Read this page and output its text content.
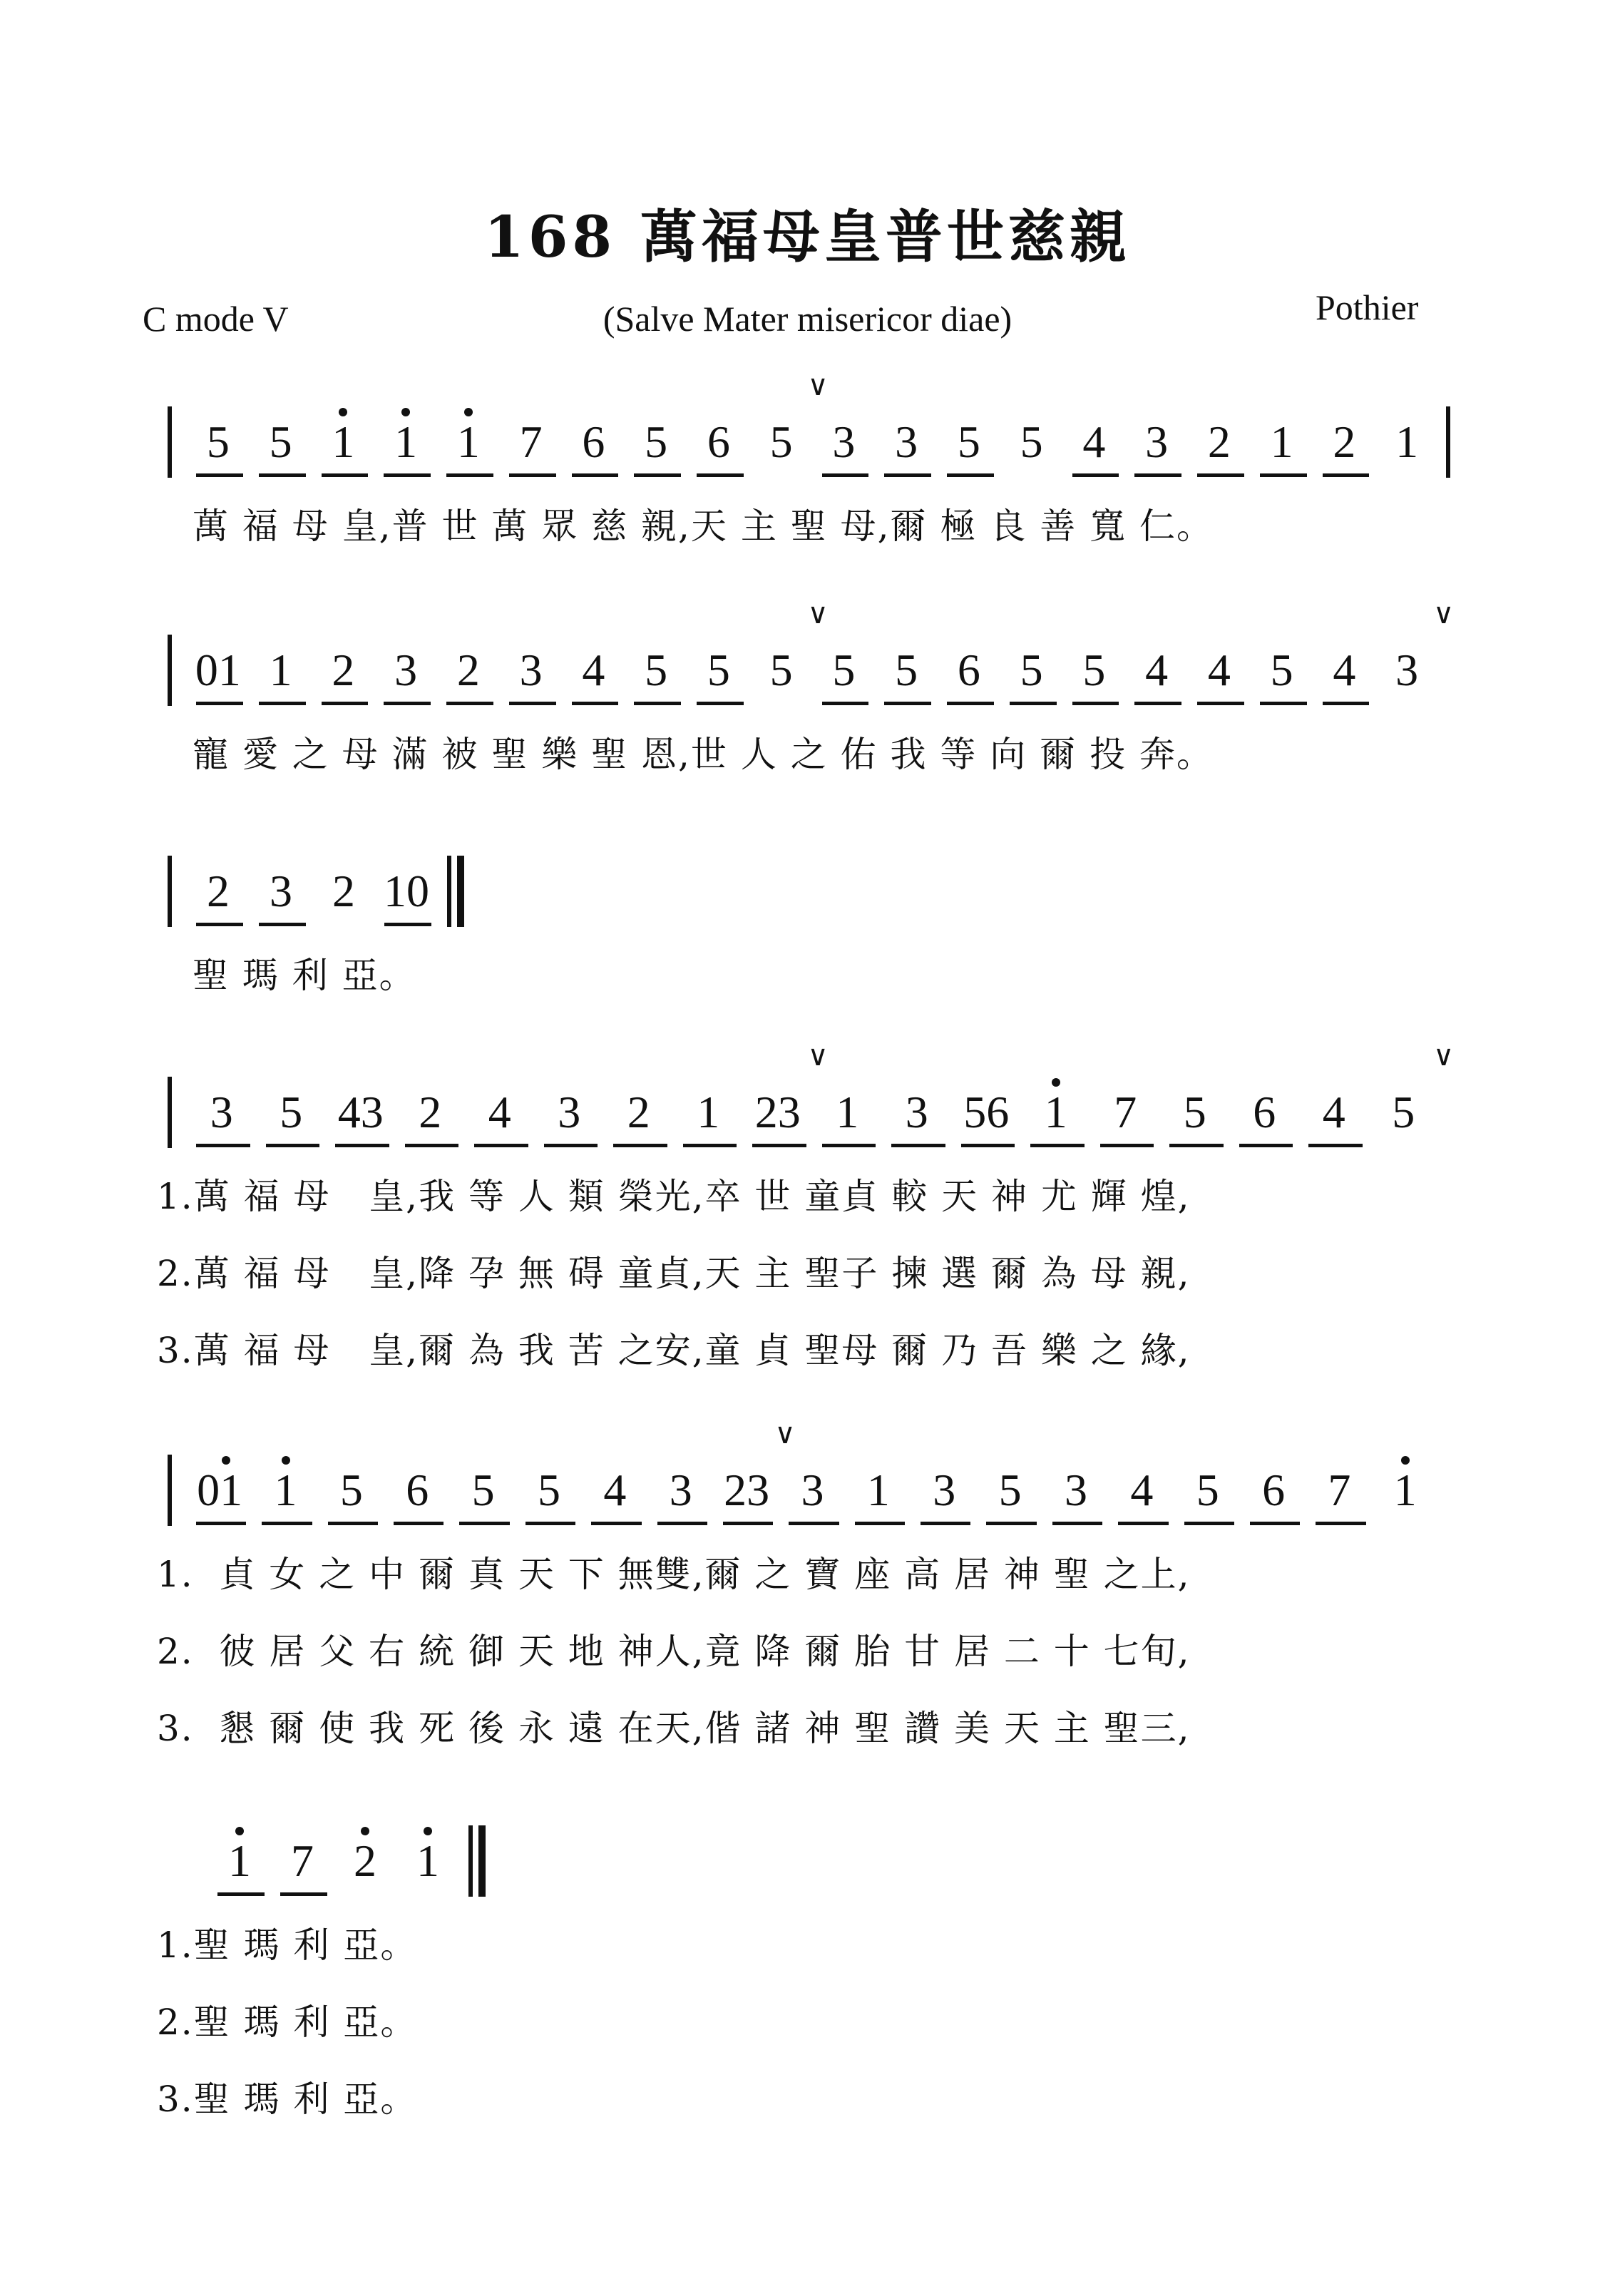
168 萬福母皇普世慈親
C mode V	(Salve Mater misericor diae)	Pothier
5 5 1 1 1 7 6 5 6 5 3 3 5 5 4 3 2 1 2 1
∨
萬 福 母 皇,普 世 萬 眾 慈 親,天 主 聖 母,爾 極 良 善 寬 仁。
01 1 2 3 2 3 4 5 5 5 5 5 6 5 5 4 4 5 4 3
∨	∨
寵 愛 之 母 滿 被 聖 樂 聖 恩,世 人 之 佑 我 等 向 爾 投 奔。
2 3 2 10
聖 瑪 利 亞。
3	5 43 2	4	3	2	1 23 1	3 56 1	7	5	6	4	5
∨	∨
1.萬 福 母   皇,我 等 人 類 榮光,卒 世 童貞 較 天 神 尤 輝 煌,
2.萬 福 母   皇,降 孕 無 碍 童貞,天 主 聖子 揀 選 爾 為 母 親,
3.萬 福 母   皇,爾 為 我 苦 之安,童 貞 聖母 爾 乃 吾 樂 之 緣,
01 1 5 6 5 5 4 3 23 3 1 3 5 3 4 5 6 7 1
∨
1.  貞 女 之 中 爾 真 天 下 無雙,爾 之 寶 座 高 居 神 聖 之上,
2.  彼 居 父 右 統 御 天 地 神人,竟 降 爾 胎 甘 居 二 十 七旬,
3.  懇 爾 使 我 死 後 永 遠 在天,偕 諸 神 聖 讚 美 天 主 聖三,
1 7 2 1
1.聖 瑪 利 亞。
2.聖 瑪 利 亞。
3.聖 瑪 利 亞。
